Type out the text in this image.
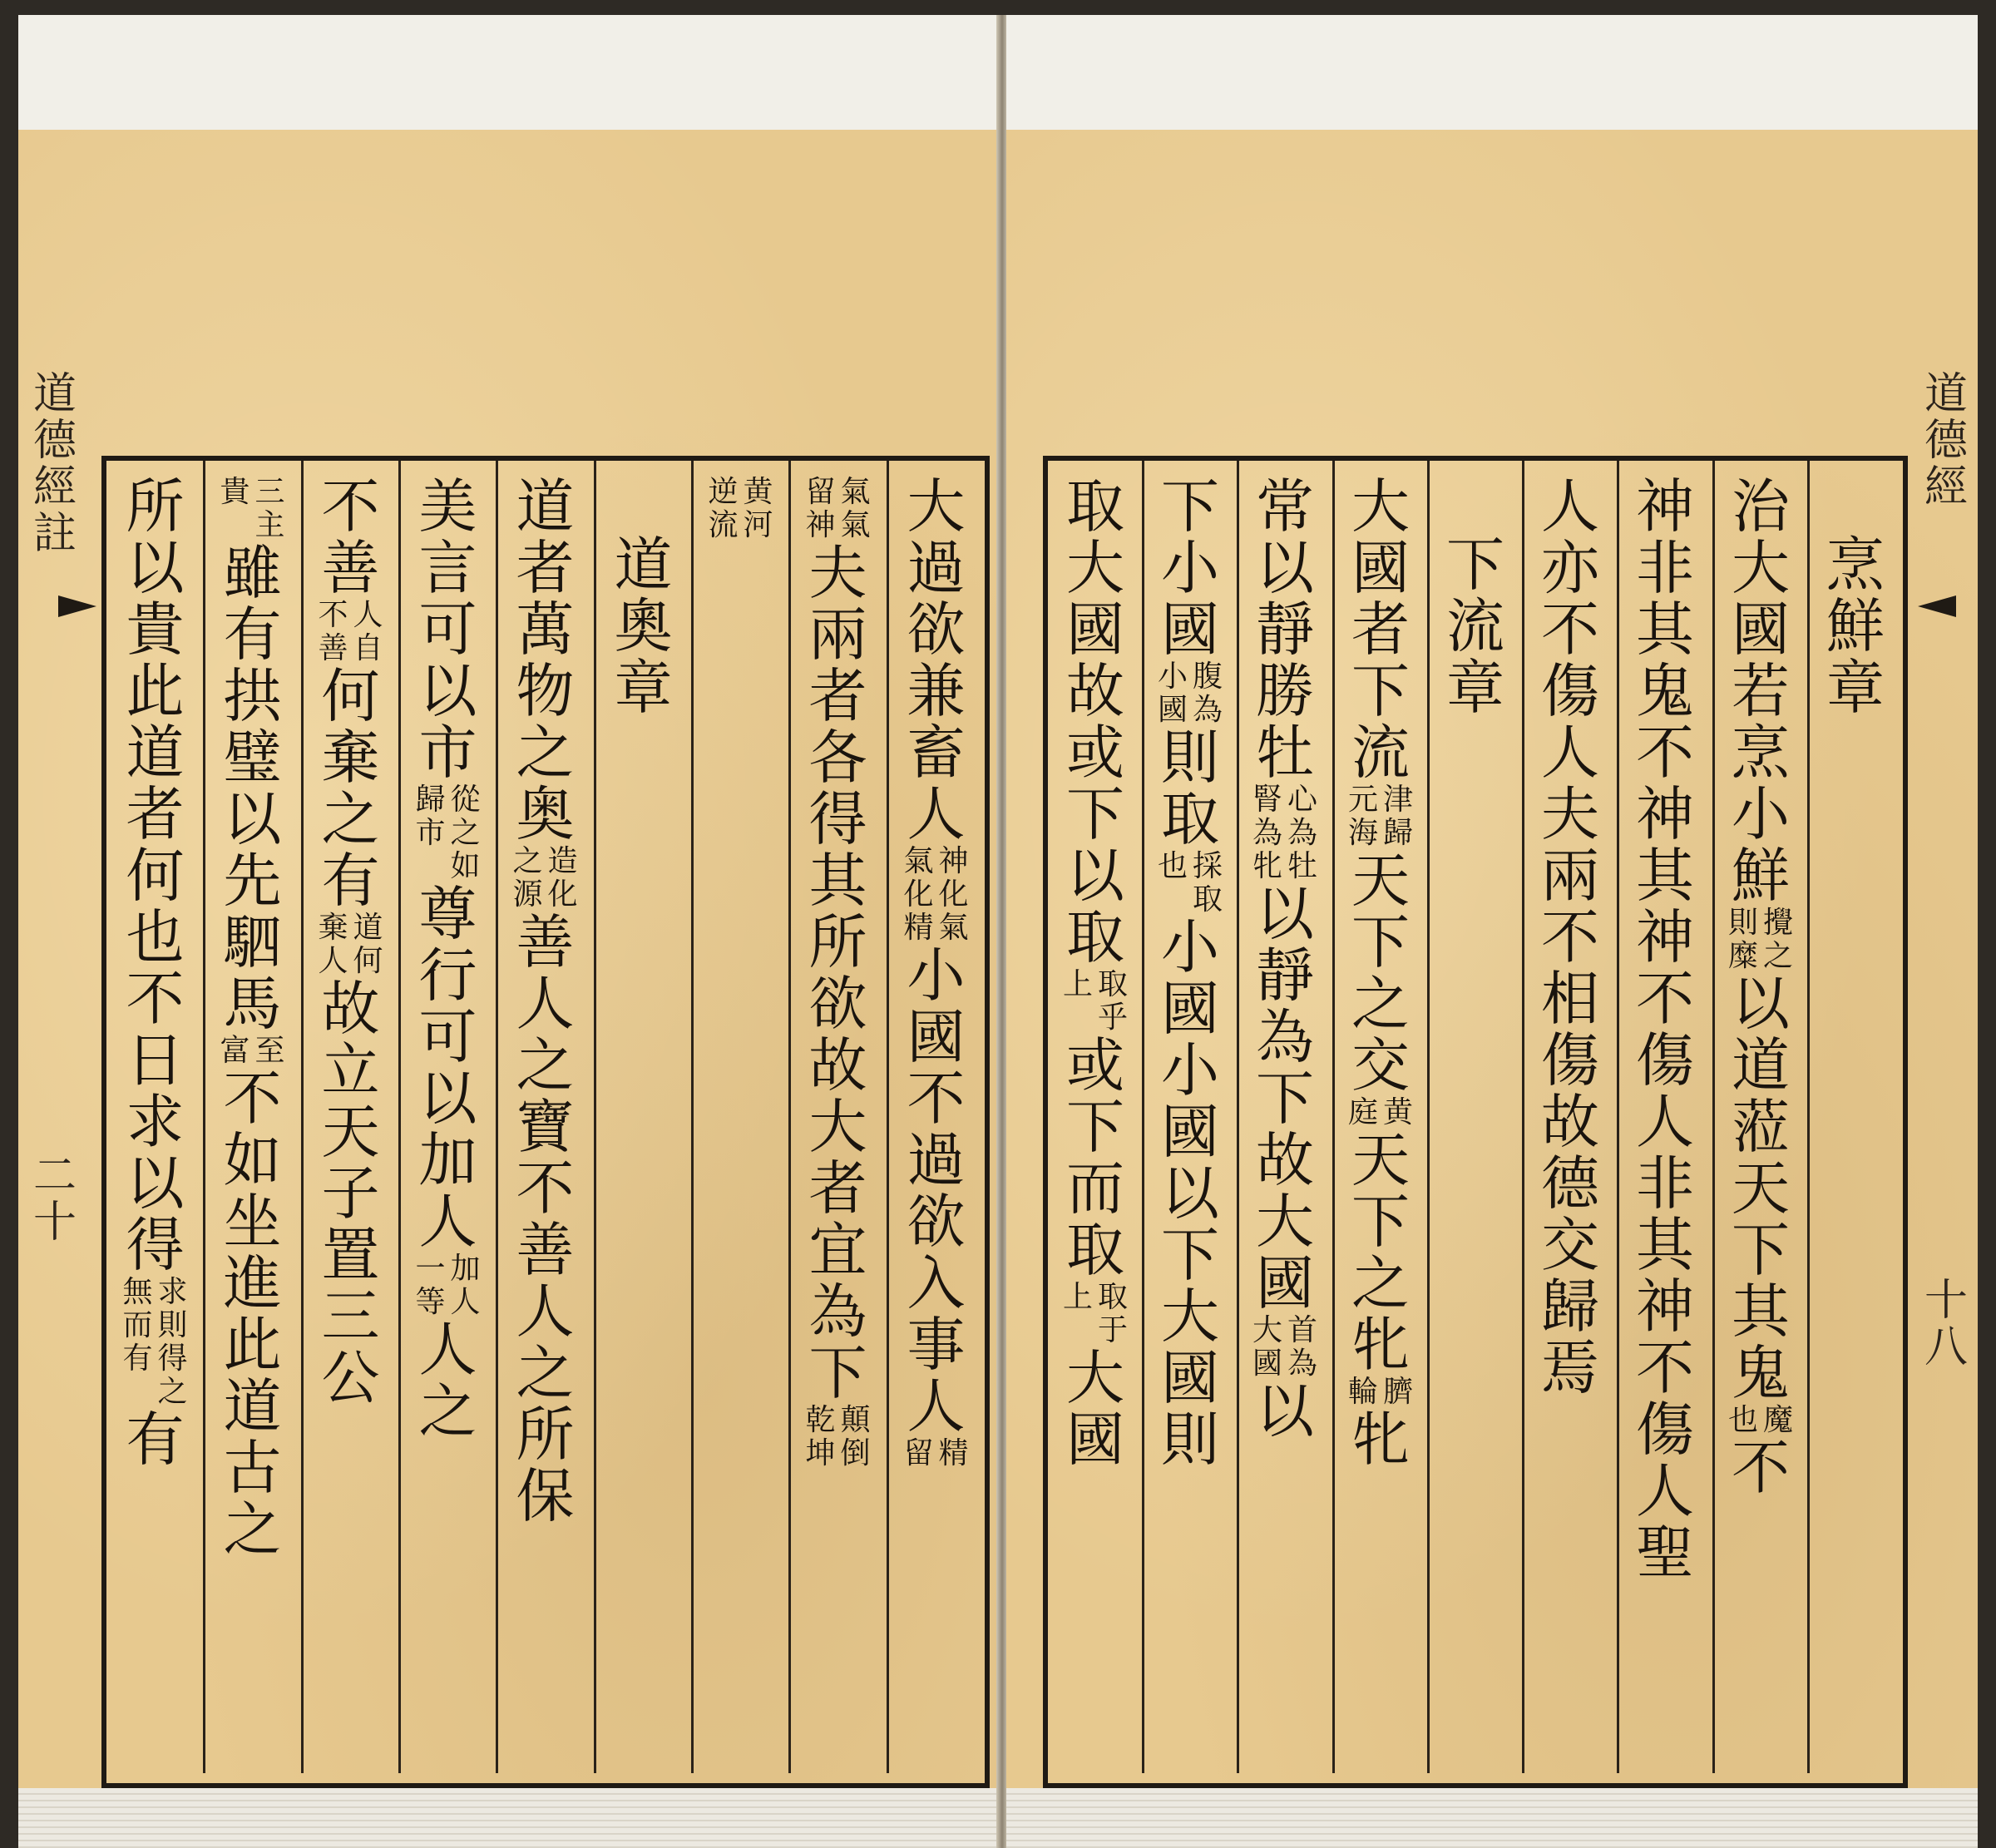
道德經註
二十
大過欲兼畜人
神化氣
氣化精
小國不過欲入事人
精
留
氣氣
留神
夫兩者各得其所欲故大者宜為下
顛倒
乾坤
黄河
逆流
道奧章
道者萬物之奥
造化
之源
善人之寶不善人之所保
美言可以市
從之如
歸市
尊行可以加人
加人
一等
人之
不善
人自
不善
何棄之有
道何
棄人
故立天子置三公
三主
貴
雖有拱璧以先駟馬
至
富
不如坐進此道古之
所以貴此道者何也不日求以得
求則得之
無而有
有
烹鮮章
治大國若烹小鮮
攪之
則糜
以道蒞天下其鬼
魔
也
不
神非其鬼不神其神不傷人非其神不傷人聖
人亦不傷人夫兩不相傷故德交歸焉
下流章
大國者下流
津歸
元海
天下之交
黄
庭
天下之牝
臍
輪
牝
常以靜勝牡
心為牡
腎為牝
以靜為下故大國
首為
大國
以
下小國
腹為
小國
則取
採取
也
小國小國以下大國則
取大國故或下以取
取乎
上
或下而取
取于
上
大國
道德經
十八
